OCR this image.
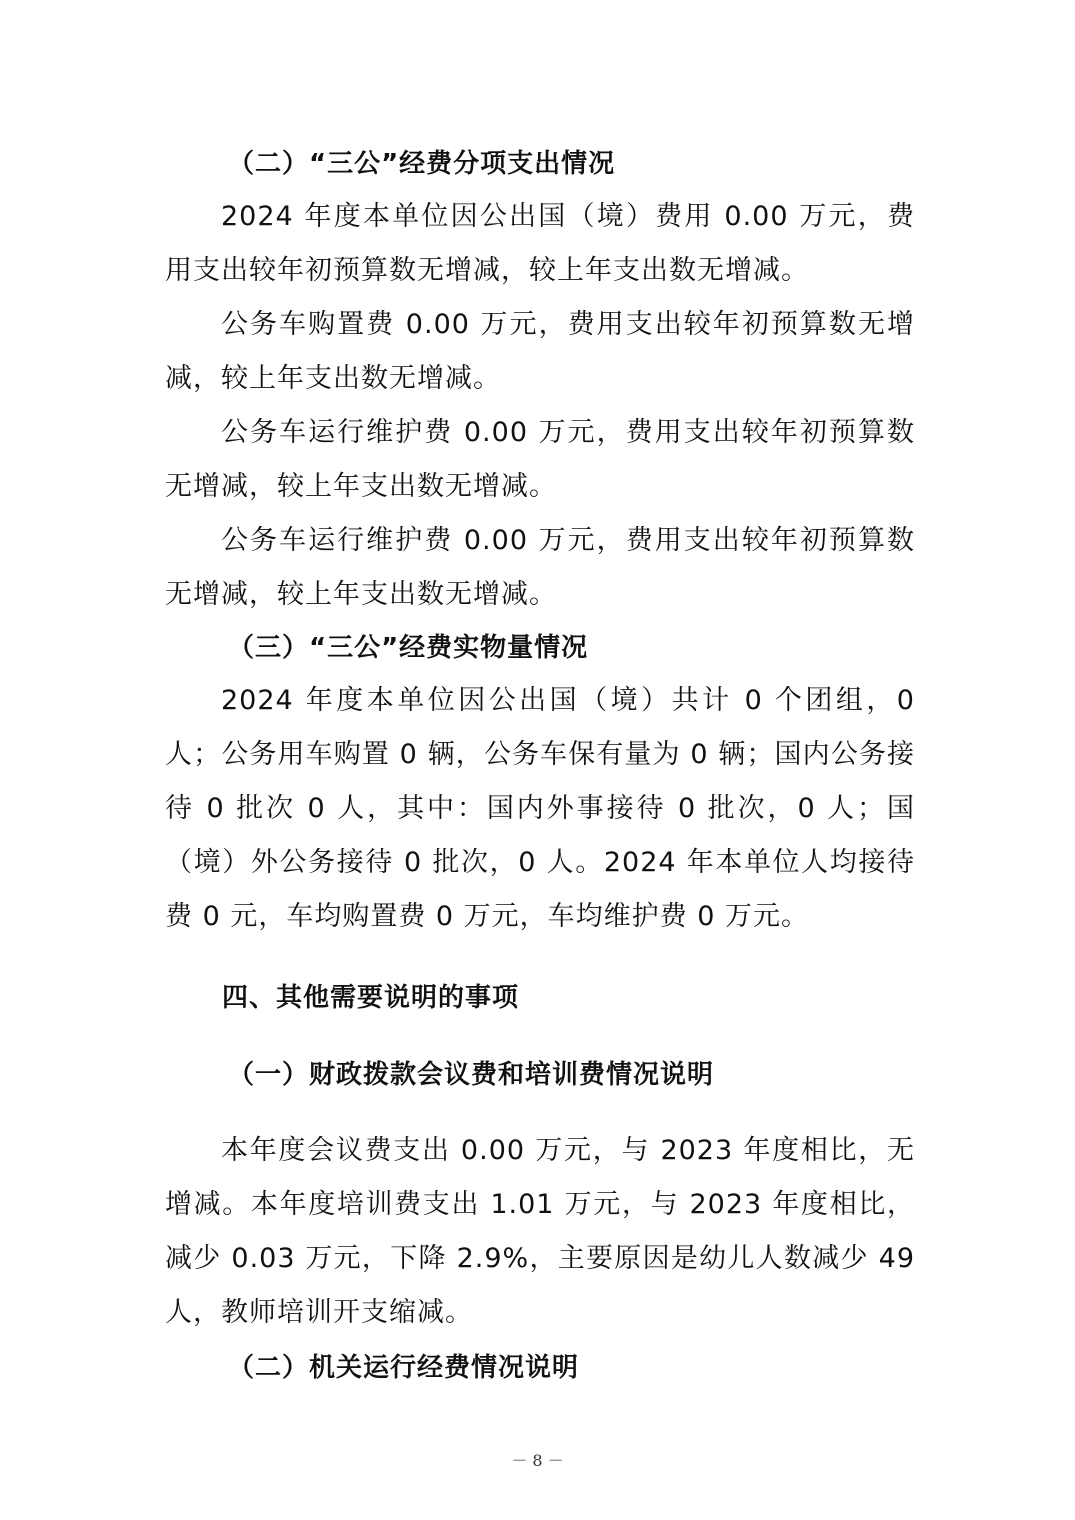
（二）“三公”经费分项支出情况
2024 年度本单位因公出国（境）费用 0.00 万元，费用支出较年初预算数无增减，较上年支出数无增减。
公务车购置费 0.00 万元，费用支出较年初预算数无增减，较上年支出数无增减。
公务车运行维护费 0.00 万元，费用支出较年初预算数无增减，较上年支出数无增减。
公务车运行维护费 0.00 万元，费用支出较年初预算数无增减，较上年支出数无增减。
（三）“三公”经费实物量情况
2024 年度本单位因公出国（境）共计 0 个团组，0 人；公务用车购置 0 辆，公务车保有量为 0 辆；国内公务接待 0 批次 0 人，其中：国内外事接待 0 批次，0 人；国（境）外公务接待 0 批次，0 人。2024 年本单位人均接待费 0 元，车均购置费 0 万元，车均维护费 0 万元。
四、其他需要说明的事项
（一）财政拨款会议费和培训费情况说明
本年度会议费支出 0.00 万元，与 2023 年度相比，无增减。本年度培训费支出 1.01 万元，与 2023 年度相比，减少 0.03 万元，下降 2.9%，主要原因是幼儿人数减少 49 人，教师培训开支缩减。
（二）机关运行经费情况说明
－ 8 －
